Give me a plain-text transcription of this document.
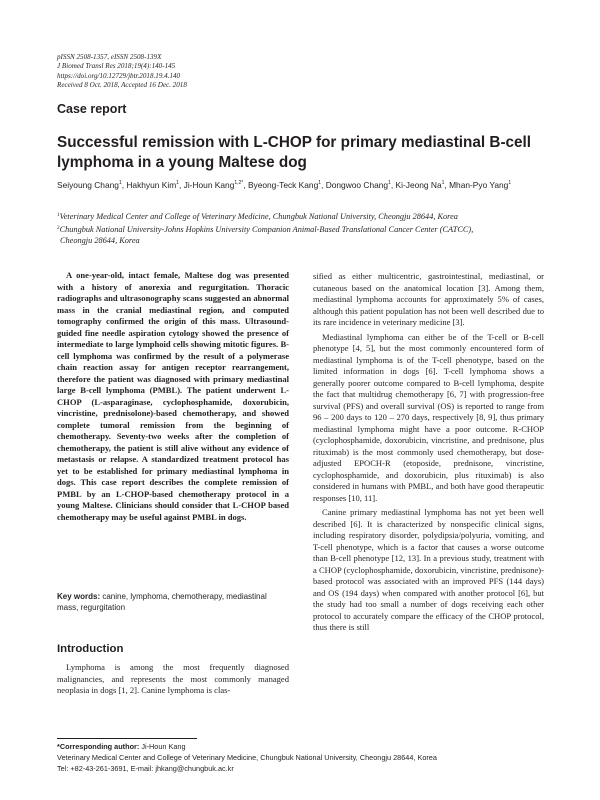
pISSN 2508-1357, eISSN 2508-139X
J Biomed Transl Res 2018;19(4):140-145
https://doi.org/10.12729/jbtr.2018.19.4.140
Received 8 Oct. 2018, Accepted 16 Dec. 2018
Case report
Successful remission with L-CHOP for primary mediastinal B-cell lymphoma in a young Maltese dog
Seiyoung Chang$^1$, Hakhyun Kim$^1$, Ji-Houn Kang$^{1,2*}$, Byeong-Teck Kang$^1$, Dongwoo Chang$^1$, Ki-Jeong Na$^1$, Mhan-Pyo Yang$^1$
$^1$Veterinary Medical Center and College of Veterinary Medicine, Chungbuk National University, Cheongju 28644, Korea
$^2$Chungbuk National University-Johns Hopkins University Companion Animal-Based Translational Cancer Center (CATCC),
Cheongju 28644, Korea
A one-year-old, intact female, Maltese dog was presented with a history of anorexia and regurgitation. Thoracic radiographs and ultrasonography scans suggested an abnormal mass in the cranial mediastinal region, and computed tomography confirmed the origin of this mass. Ultrasound-guided fine needle aspiration cytology showed the presence of intermediate to large lymphoid cells showing mitotic figures. B-cell lymphoma was confirmed by the result of a polymerase chain reaction assay for antigen receptor rearrangement, therefore the patient was diagnosed with primary mediastinal large B-cell lymphoma (PMBL). The patient underwent L-CHOP (L-asparaginase, cyclophosphamide, doxorubicin, vincristine, prednisolone)-based chemotherapy, and showed complete tumoral remission from the beginning of chemotherapy. Seventy-two weeks after the completion of chemotherapy, the patient is still alive without any evidence of metastasis or relapse. A standardized treatment protocol has yet to be established for primary mediastinal lymphoma in dogs. This case report describes the complete remission of PMBL by an L-CHOP-based chemotherapy protocol in a young Maltese. Clinicians should consider that L-CHOP based chemotherapy may be useful against PMBL in dogs.
Key words: canine, lymphoma, chemotherapy, mediastinal mass, regurgitation
Introduction
Lymphoma is among the most frequently diagnosed malignancies, and represents the most commonly managed neoplasia in dogs [1, 2]. Canine lymphoma is clas-

sified as either multicentric, gastrointestinal, mediastinal, or cutaneous based on the anatomical location [3]. Among them, mediastinal lymphoma accounts for approximately 5% of cases, although this patient population has not been well described due to its rare incidence in veterinary medicine [3].

Mediastinal lymphoma can either be of the T-cell or B-cell phenotype [4, 5], but the most commonly encountered form of mediastinal lymphoma is of the T-cell phenotype, based on the limited information in dogs [6]. T-cell lymphoma shows a generally poorer outcome compared to B-cell lymphoma, despite the fact that multidrug chemotherapy [6, 7] with progression-free survival (PFS) and overall survival (OS) is reported to range from 96 – 200 days to 120 – 270 days, respectively [8, 9], thus primary mediastinal lymphoma might have a poor outcome. R-CHOP (cyclophosphamide, doxorubicin, vincristine, and prednisone, plus rituximab) is the most commonly used chemotherapy, but dose-adjusted EPOCH-R (etoposide, prednisone, vincristine, cyclophosphamide, and doxorubicin, plus rituximab) is also considered in humans with PMBL, and both have good therapeutic responses [10, 11].

Canine primary mediastinal lymphoma has not yet been well described [6]. It is characterized by nonspecific clinical signs, including respiratory disorder, polydipsia/polyuria, vomiting, and T-cell phenotype, which is a factor that causes a worse outcome than B-cell phenotype [12, 13]. In a previous study, treatment with a CHOP (cyclophosphamide, doxorubicin, vincristine, prednisone)-based protocol was associated with an improved PFS (144 days) and OS (194 days) when compared with another protocol [6], but the study had too small a number of dogs receiving each other protocol to accurately compare the efficacy of the CHOP protocol, thus there is still

*Corresponding author: Ji-Houn Kang
Veterinary Medical Center and College of Veterinary Medicine, Chungbuk National University, Cheongju 28644, Korea
Tel: +82-43-261-3691, E-mail: jhkang@chungbuk.ac.kr
